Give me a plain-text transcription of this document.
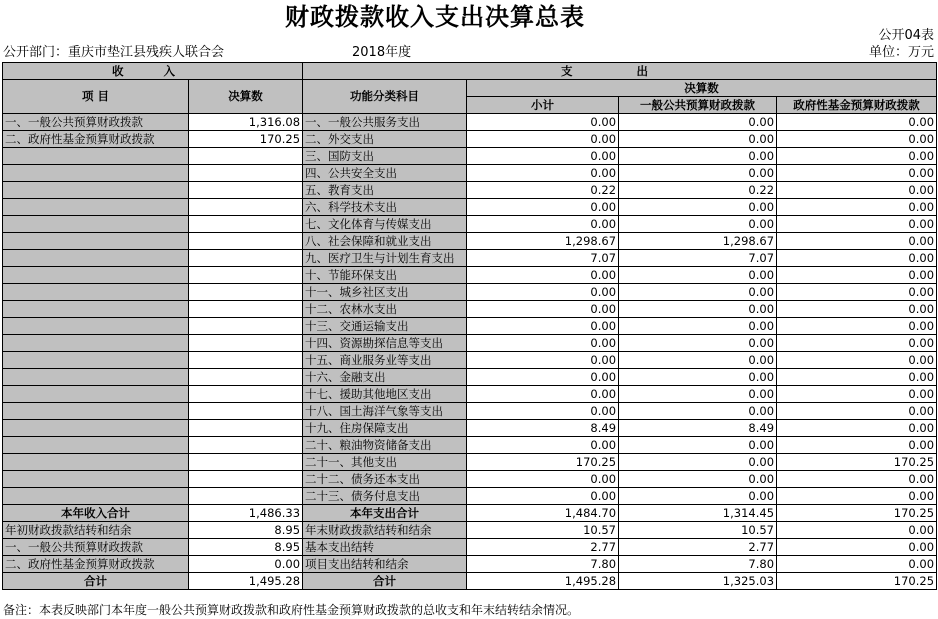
财政拨款收入支出决算总表
公开04表
公开部门：重庆市垫江县残疾人联合会	2018年度	单位：万元
收 入		支 出			
项 目	决算数	功能分类科目	决算数		
			小计	一般公共预算财政拨款	政府性基金预算财政拨款
一、一般公共预算财政拨款	1,316.08	一、一般公共服务支出	0.00	0.00	0.00
二、政府性基金预算财政拨款	170.25	二、外交支出	0.00	0.00	0.00
		三、国防支出	0.00	0.00	0.00
		四、公共安全支出	0.00	0.00	0.00
		五、教育支出	0.22	0.22	0.00
		六、科学技术支出	0.00	0.00	0.00
		七、文化体育与传媒支出	0.00	0.00	0.00
		八、社会保障和就业支出	1,298.67	1,298.67	0.00
		九、医疗卫生与计划生育支出	7.07	7.07	0.00
		十、节能环保支出	0.00	0.00	0.00
		十一、城乡社区支出	0.00	0.00	0.00
		十二、农林水支出	0.00	0.00	0.00
		十三、交通运输支出	0.00	0.00	0.00
		十四、资源勘探信息等支出	0.00	0.00	0.00
		十五、商业服务业等支出	0.00	0.00	0.00
		十六、金融支出	0.00	0.00	0.00
		十七、援助其他地区支出	0.00	0.00	0.00
		十八、国土海洋气象等支出	0.00	0.00	0.00
		十九、住房保障支出	8.49	8.49	0.00
		二十、粮油物资储备支出	0.00	0.00	0.00
		二十一、其他支出	170.25	0.00	170.25
		二十二、债务还本支出	0.00	0.00	0.00
		二十三、债务付息支出	0.00	0.00	0.00
本年收入合计	1,486.33	本年支出合计	1,484.70	1,314.45	170.25
年初财政拨款结转和结余	8.95	年末财政拨款结转和结余	10.57	10.57	0.00
一、一般公共预算财政拨款	8.95	基本支出结转	2.77	2.77	0.00
二、政府性基金预算财政拨款	0.00	项目支出结转和结余	7.80	7.80	0.00
合计	1,495.28	合计	1,495.28	1,325.03	170.25
备注：本表反映部门本年度一般公共预算财政拨款和政府性基金预算财政拨款的总收支和年末结转结余情况。
